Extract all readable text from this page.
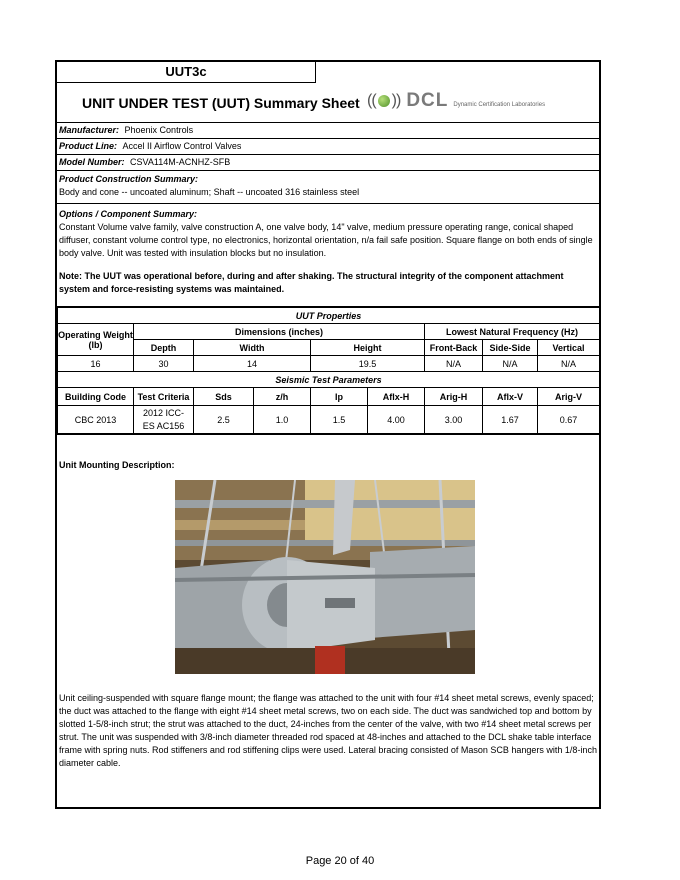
UUT3c
UNIT UNDER TEST (UUT) Summary Sheet (( )) DCL Dynamic Certification Laboratories
Manufacturer: Phoenix Controls
Product Line: Accel II Airflow Control Valves
Model Number: CSVA114M-ACNHZ-SFB
Product Construction Summary:
Body and cone -- uncoated aluminum; Shaft -- uncoated 316 stainless steel
Options / Component Summary:
Constant Volume valve family, valve construction A, one valve body, 14" valve, medium pressure operating range, conical shaped diffuser, constant volume control type, no electronics, horizontal orientation, n/a fail safe position. Square flange on both ends of single body valve. Unit was tested with insulation blocks but no insulation.
Note: The UUT was operational before, during and after shaking. The structural integrity of the component attachment system and force-resisting systems was maintained.
UUT Properties								
Operating Weight (lb)	Dimensions (inches)					Lowest Natural Frequency (Hz)		
	Depth	Width		Height		Front-Back	Side-Side	Vertical
16	30	14		19.5		N/A	N/A	N/A
Seismic Test Parameters								
Building Code	Test Criteria	Sds	z/h	Ip	Aflx-H	Arig-H	Aflx-V	Arig-V
CBC 2013	2012 ICC-ES AC156	2.5	1.0	1.5	4.00	3.00	1.67	0.67
Unit Mounting Description:
Unit ceiling-suspended with square flange mount; the flange was attached to the unit with four #14 sheet metal screws, evenly spaced; the duct was attached to the flange with eight #14 sheet metal screws, two on each side. The duct was sandwiched top and bottom by slotted 1-5/8-inch strut; the strut was attached to the duct, 24-inches from the center of the valve, with two #14 sheet metal screws per strut. The unit was suspended with 3/8-inch diameter threaded rod spaced at 48-inches and attached to the DCL shake table interface frame with spring nuts. Rod stiffeners and rod stiffening clips were used. Lateral bracing consisted of Mason SCB hangers with 1/8-inch diameter cable.
Page 20 of 40
